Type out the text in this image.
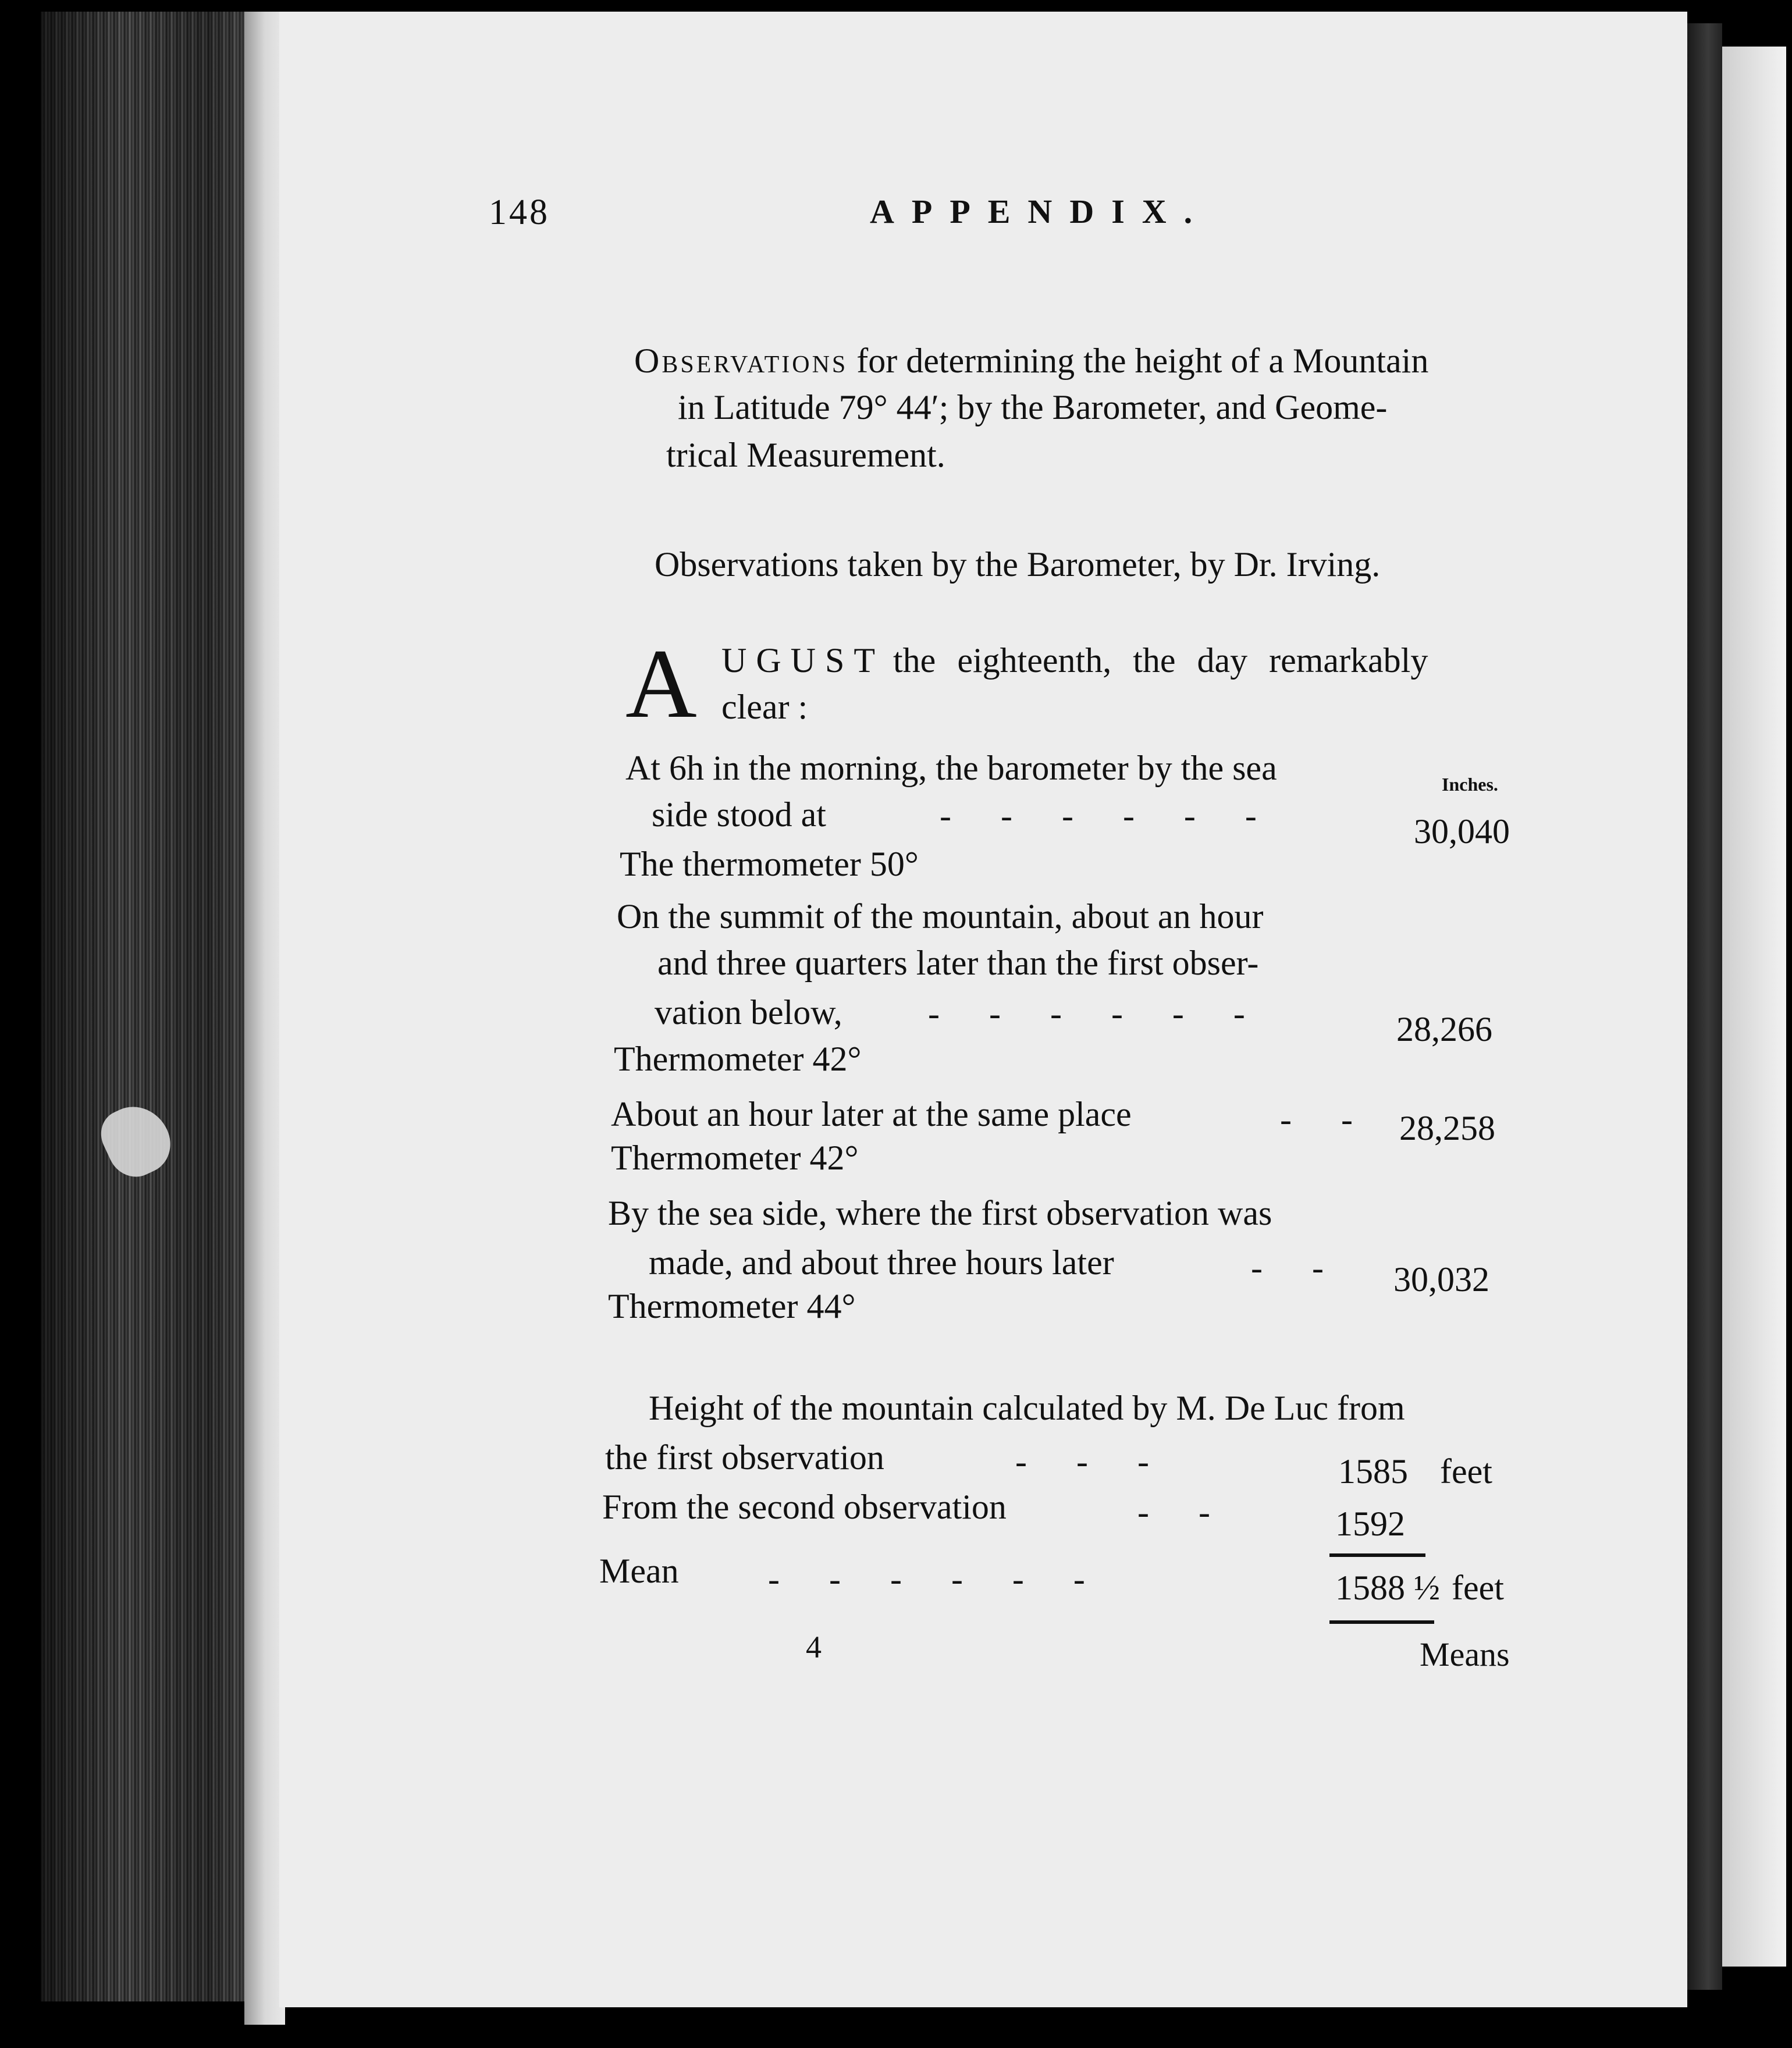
148	APPENDIX.
Observations for determining the height of a Mountain
in Latitude 79° 44′; by the Barometer, and Geome-
trical Measurement.
Observations taken by the Barometer, by Dr. Irving.
A UGUST the eighteenth, the day remarkably
clear :
Inches.
At 6h in the morning, the barometer by the sea
side stood at	- - - - - -	30,040
The thermometer 50°
On the summit of the mountain, about an hour
and three quarters later than the first obser-
vation below, - - - - - -	28,266
Thermometer 42°
About an hour later at the same place	- - 28,258
Thermometer 42°
By the sea side, where the first observation was
made, and about three hours later	- - 30,032
Thermometer 44°
Height of the mountain calculated by M. De Luc from
the first observation	- - -	1585 feet
From the second observation	- -	1592
Mean	- - - - - -	1588 ½ feet
4	Means
